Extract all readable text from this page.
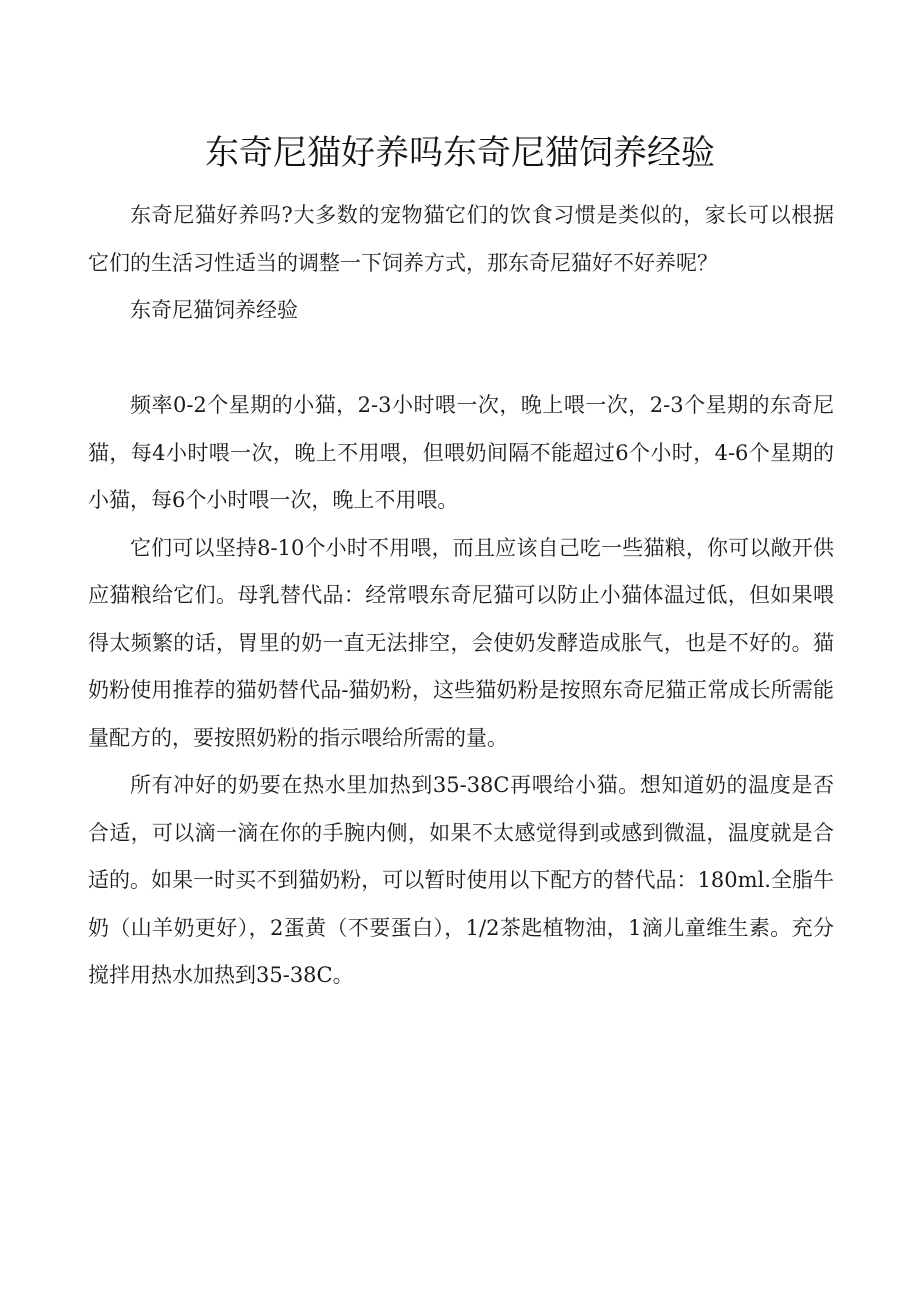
东奇尼猫好养吗东奇尼猫饲养经验

东奇尼猫好养吗?大多数的宠物猫它们的饮食习惯是类似的，家长可以根据它们的生活习性适当的调整一下饲养方式，那东奇尼猫好不好养呢？

东奇尼猫饲养经验

频率0-2个星期的小猫，2-3小时喂一次，晚上喂一次，2-3个星期的东奇尼猫，每4小时喂一次，晚上不用喂，但喂奶间隔不能超过6个小时，4-6个星期的小猫，每6个小时喂一次，晚上不用喂。

它们可以坚持8-10个小时不用喂，而且应该自己吃一些猫粮，你可以敞开供应猫粮给它们。母乳替代品：经常喂东奇尼猫可以防止小猫体温过低，但如果喂得太频繁的话，胃里的奶一直无法排空，会使奶发酵造成胀气，也是不好的。猫奶粉使用推荐的猫奶替代品-猫奶粉，这些猫奶粉是按照东奇尼猫正常成长所需能量配方的，要按照奶粉的指示喂给所需的量。

所有冲好的奶要在热水里加热到35-38C再喂给小猫。想知道奶的温度是否合适，可以滴一滴在你的手腕内侧，如果不太感觉得到或感到微温，温度就是合适的。如果一时买不到猫奶粉，可以暂时使用以下配方的替代品：180ml.全脂牛奶（山羊奶更好），2蛋黄（不要蛋白），1/2茶匙植物油，1滴儿童维生素。充分搅拌用热水加热到35-38C。
